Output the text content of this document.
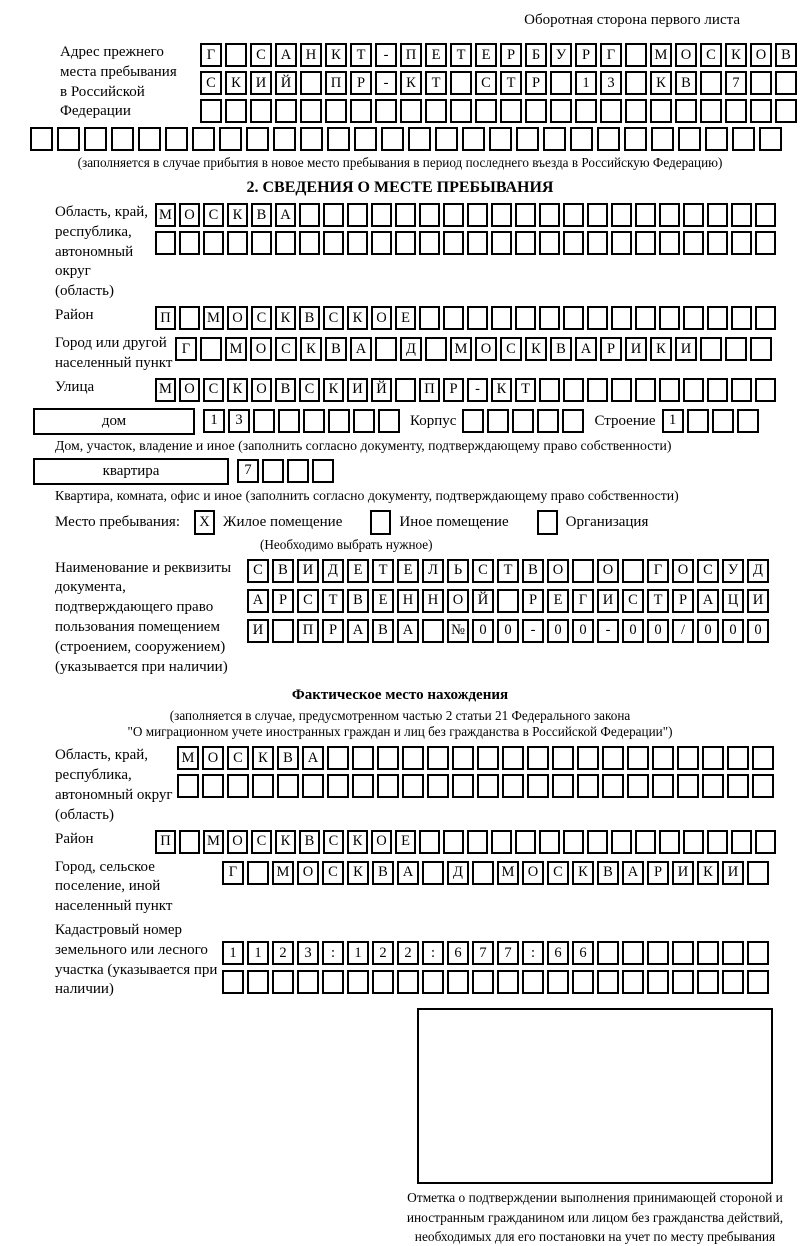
Оборотная сторона первого листа
Адрес прежнего места пребывания в Российской Федерации
Г	С	А	Н	К	Т	-	П	Е	Т	Е	Р	Б	У	Р	Г	М О	С	К	О	В
С	К	И	Й	П	Р	-	К	Т	С	Т	Р	1	3	К	В	7
(заполняется в случае прибытия в новое место пребывания в период последнего въезда в Российскую Федерацию)
2. СВЕДЕНИЯ О МЕСТЕ ПРЕБЫВАНИЯ
Область, край, республика, автономный округ (область)
М О С К В А
Район	П	М О С К В С К О Е
Город или другой населенный пункт
Г	М О	С	К	В	А	Д	М О	С	К	В	А	Р	И	К	И
Улица	М О С К О В С К И Й	П	Р	-	К	Т
дом	1	3	Корпус	Строение 1
Дом, участок, владение и иное (заполнить согласно документу, подтверждающему право собственности)
квартира	7
Квартира, комната, офис и иное (заполнить согласно документу, подтверждающему право собственности)
Место пребывания:	X Жилое помещение	Иное помещение	Организация
(Необходимо выбрать нужное)
Наименование и реквизиты документа, подтверждающего право пользования помещением (строением, сооружением) (указывается при наличии)
С	В	И	Д	Е	Т	Е	Л	Ь	С	Т	В	О	О	Г	О	С	У	Д
А	Р	С	Т	В	Е	Н	Н	О	Й	Р	Е	Г	И	С	Т	Р	А	Ц	И
И	П	Р	А	В	А	№ 0	0	-	0	0	-	0	0	/	0	0	0
Фактическое место нахождения
(заполняется в случае, предусмотренном частью 2 статьи 21 Федерального закона
"О миграционном учете иностранных граждан и лиц без гражданства в Российской Федерации")
Область, край, республика, автономный округ (область)
М О	С	К	В	А
Район	П	М О С К В С К О Е
Город, сельское поселение, иной населенный пункт
Г	М О	С	К	В	А	Д	М О	С	К	В	А	Р	И	К	И
Кадастровый номер земельного или лесного участка (указывается при наличии)
1	1	2	3	:	1	2	2	:	6	7	7	:	6	6
Отметка о подтверждении выполнения принимающей стороной и иностранным гражданином или лицом без гражданства действий, необходимых для его постановки на учет по месту пребывания
